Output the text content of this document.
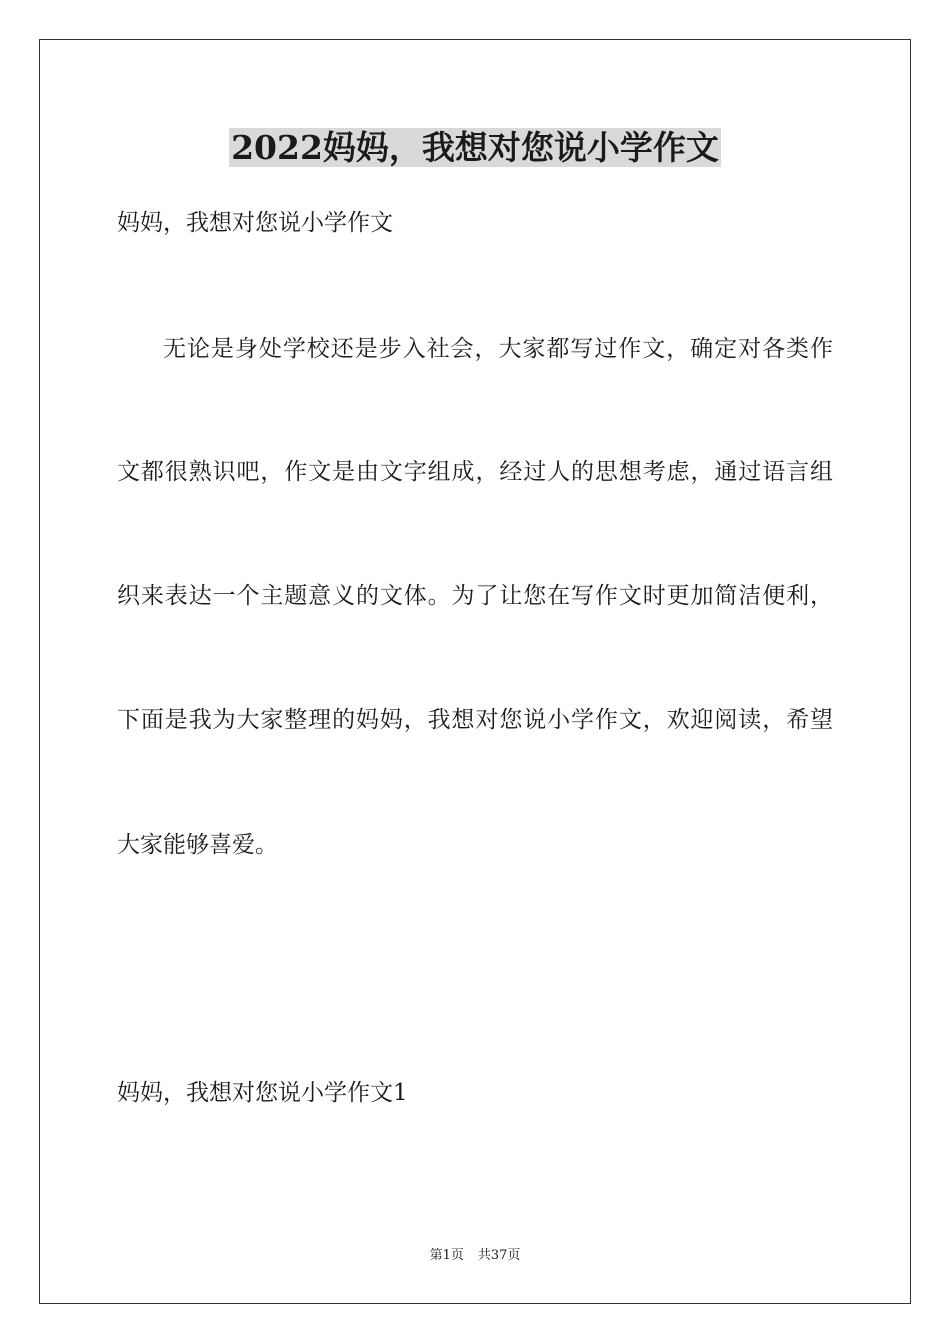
2022妈妈，我想对您说小学作文

妈妈，我想对您说小学作文

无论是身处学校还是步入社会，大家都写过作文，确定对各类作

文都很熟识吧，作文是由文字组成，经过人的思想考虑，通过语言组

织来表达一个主题意义的文体。为了让您在写作文时更加简洁便利，

下面是我为大家整理的妈妈，我想对您说小学作文，欢迎阅读，希望

大家能够喜爱。

妈妈，我想对您说小学作文1

第1页 共37页
